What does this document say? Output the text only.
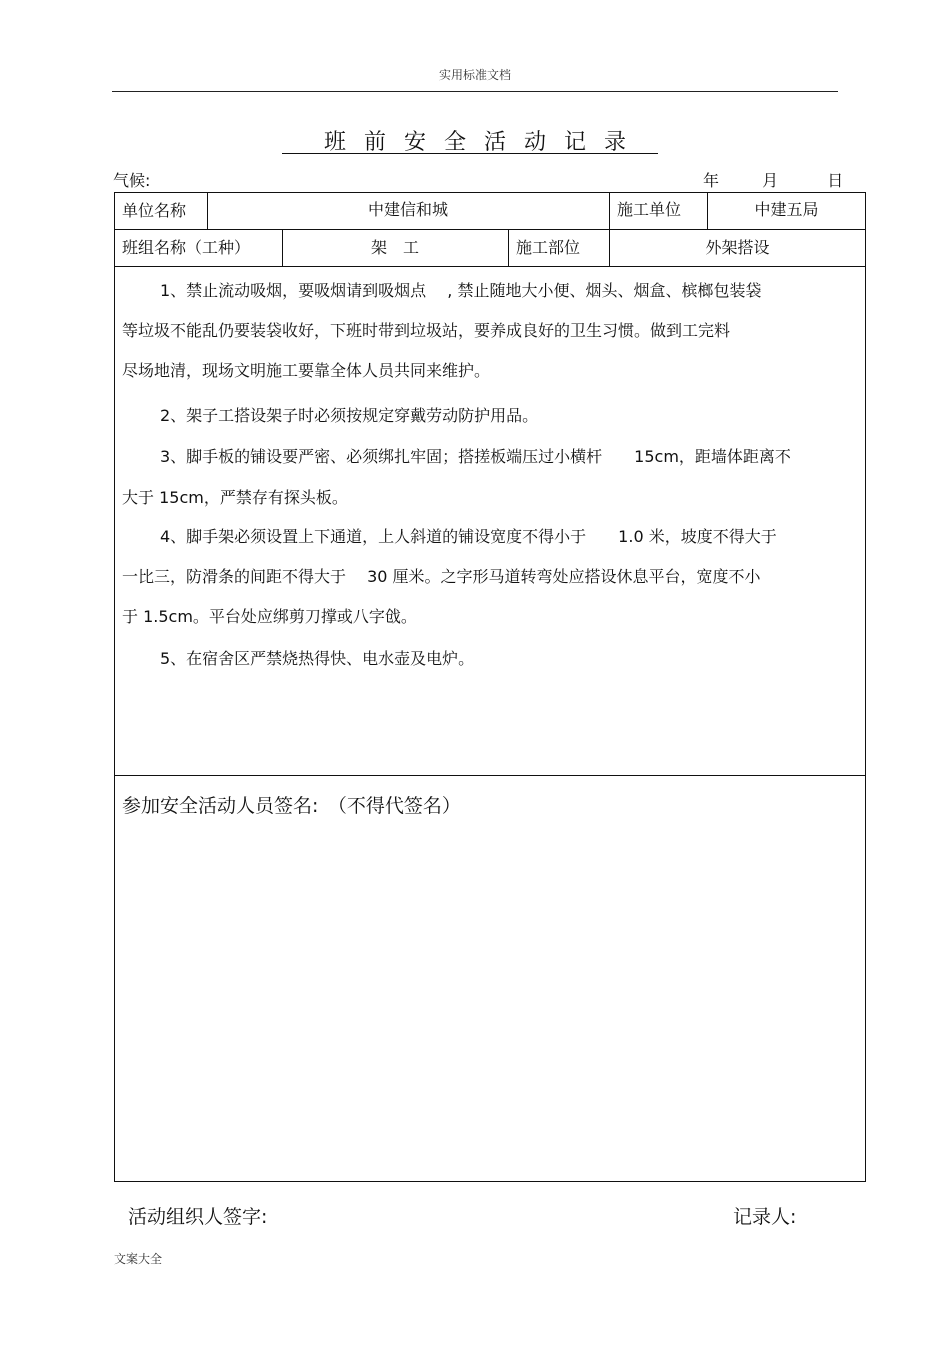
实用标准文档
班前安全活动记录
气候:	年	月	日
单位名称	中建信和城	施工单位	中建五局
班组名称（工种）	架　工	施工部位	外架搭设
1、禁止流动吸烟，要吸烟请到吸烟点　 , 禁止随地大小便、烟头、烟盒、槟榔包装袋
等垃圾不能乱仍要装袋收好，下班时带到垃圾站，要养成良好的卫生习惯。做到工完料
尽场地清，现场文明施工要靠全体人员共同来维护。
2、架子工搭设架子时必须按规定穿戴劳动防护用品。
3、脚手板的铺设要严密、必须绑扎牢固；搭搓板端压过小横杆　　15cm，距墙体距离不
大于 15cm，严禁存有探头板。
4、脚手架必须设置上下通道，上人斜道的铺设宽度不得小于　　1.0 米，坡度不得大于
一比三，防滑条的间距不得大于　 30 厘米。之字形马道转弯处应搭设休息平台，宽度不小
于 1.5cm。平台处应绑剪刀撑或八字戗。
5、在宿舍区严禁烧热得快、电水壶及电炉。
参加安全活动人员签名:　（不得代签名）
活动组织人签字:	记录人:
文案大全
